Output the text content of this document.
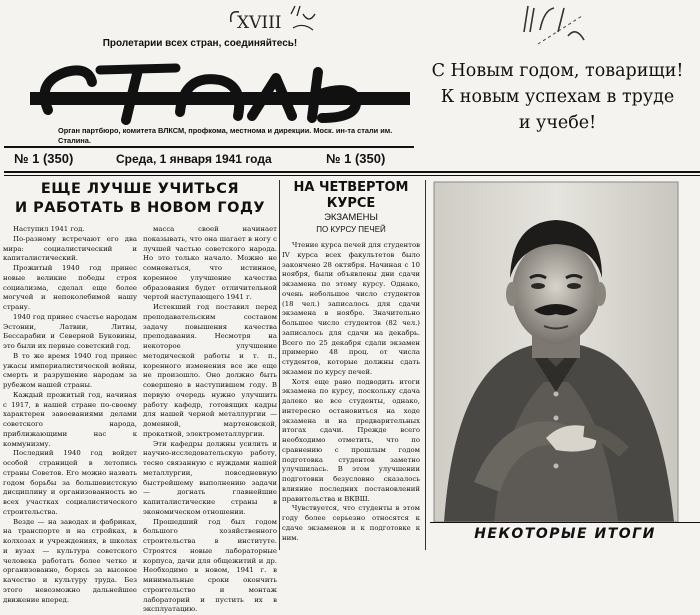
XVIII
Пролетарии всех стран, соединяйтесь!
Сталь
Орган партбюро, комитета ВЛКСМ, профкома, местнома и дирекции. Моск. ин-та стали им. Сталина.
С Новым годом, товарищи!
К новым успехам в труде
и учебе!
№ 1 (350)	Среда, 1 января 1941 года	№ 1 (350)
ЕЩЕ ЛУЧШЕ УЧИТЬСЯ
И РАБОТАТЬ В НОВОМ ГОДУ

Наступил 1941 год.

По-разному встречают его два мира: социалистический и капиталистический.

Прожитый 1940 год принес новые великие победы строя социализма, сделал еще более могучей и непоколебимой нашу страну.

1940 год принес счастье народам Эстонии, Латвии, Литвы, Бессарабии и Северной Буковины, это были их первые советский год.

В то же время 1940 год принес ужасы империалистической войны, смерть и разрушение народам за рубежом нашей страны.

Каждый прожитый год, начиная с 1917, в нашей стране по-своему характерен завоеваниями делами советского народа, приближающими нас к коммунизму.

Последний 1940 год войдет особой страницей в летопись страны Советов. Его можно назвать годом борьбы за большевистскую дисциплину и организованность во всех участках социалистического строительства.

Везде — на заводах и фабриках, на транспорте и на стройках, в колхозах и учреждениях, в школах и вузах — культура советского человека работать более четко и организованно, борясь за высокое качество и культуру труда. Без этого невозможно дальнейшее движение вперед.

масса своей начинает показывать, что она шагает в ногу с лучшей частью советского народа. Но это только начало. Можно не сомневаться, что истинное, коренное улучшение качества образования будет отличительной чертой наступающего 1941 г.

Истекший год поставил перед преподавательским составом задачу повышения качества преподавания. Несмотря на некоторое улучшение методической работы и т. п., коренного изменения все же еще не произошло. Оно должно быть совершено в наступившем году. В первую очередь нужно улучшить работу кафедр, готовящих кадры для нашей черной металлургии — доменной, мартеновской, прокатной, электрометаллургии.

Эти кафедры должны усилить и научно-исследовательскую работу, тесно связанную с нуждами нашей металлургии, повседневную быстрейшему выполнению задачи — догнать главнейшие капиталистические страны в экономическом отношении.

Прошедший год был годом большого хозяйственного строительства в институте. Строятся новые лабораторные корпуса, дачи для общежитий и др. Необходимо в новом, 1941 г. в минимальные сроки окончить строительство и монтаж лабораторий и пустить их в эксплуатацию.

НА ЧЕТВЕРТОМ
КУРСЕ
ЭКЗАМЕНЫ
ПО КУРСУ ПЕЧЕЙ

Чтение курса печей для студентов IV курса всех факультетов было закончено 28 октября. Начиная с 10 ноября, были объявлены дни сдачи экзамена по этому курсу. Однако, очень небольшое число студентов (18 чел.) записалось для сдачи экзамена в ноябре. Значительно большее число студентов (82 чел.) записалось для сдачи на декабрь. Всего по 25 декабря сдали экзамен примерно 48 проц. от числа студентов, которые должны сдать экзамен по курсу печей.

Хотя еще рано подводить итоги экзамена по курсу, поскольку сдача далеко не все студенты, однако, интересно остановиться на ходе экзамена и на предварительных итогах сдачи. Прежде всего необходимо отметить, что по сравнению с прошлым годом подготовка студентов заметно улучшилась. В этом улучшении подготовки безусловно сказалось влияние последних постановлений правительства и ВКВШ.

Чувствуется, что студенты в этом году более серьезно относятся к сдаче экзаменов и к подготовке к ним.	НЕКОТОРЫЕ ИТОГИ
